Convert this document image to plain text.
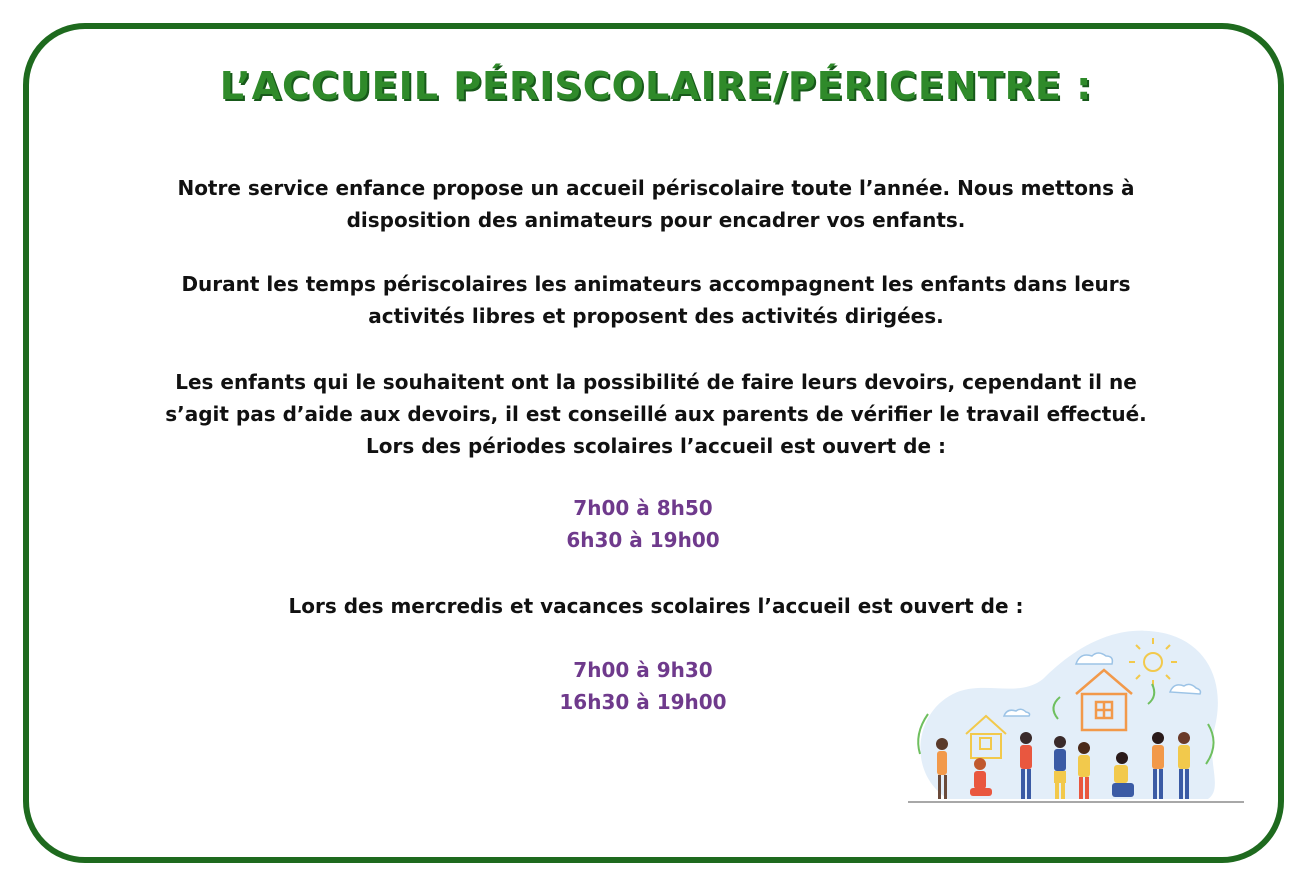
L’ACCUEIL PÉRISCOLAIRE/PÉRICENTRE :
Notre service enfance propose un accueil périscolaire toute l’année. Nous mettons à
disposition des animateurs pour encadrer vos enfants.
Durant les temps périscolaires les animateurs accompagnent les enfants dans leurs
activités libres et proposent des activités dirigées.
Les enfants qui le souhaitent ont la possibilité de faire leurs devoirs, cependant il ne
s’agit pas d’aide aux devoirs, il est conseillé aux parents de vérifier le travail effectué.
Lors des périodes scolaires l’accueil est ouvert de :
7h00 à 8h50
6h30 à 19h00
Lors des mercredis et vacances scolaires l’accueil est ouvert de :
7h00 à 9h30
16h30 à 19h00
